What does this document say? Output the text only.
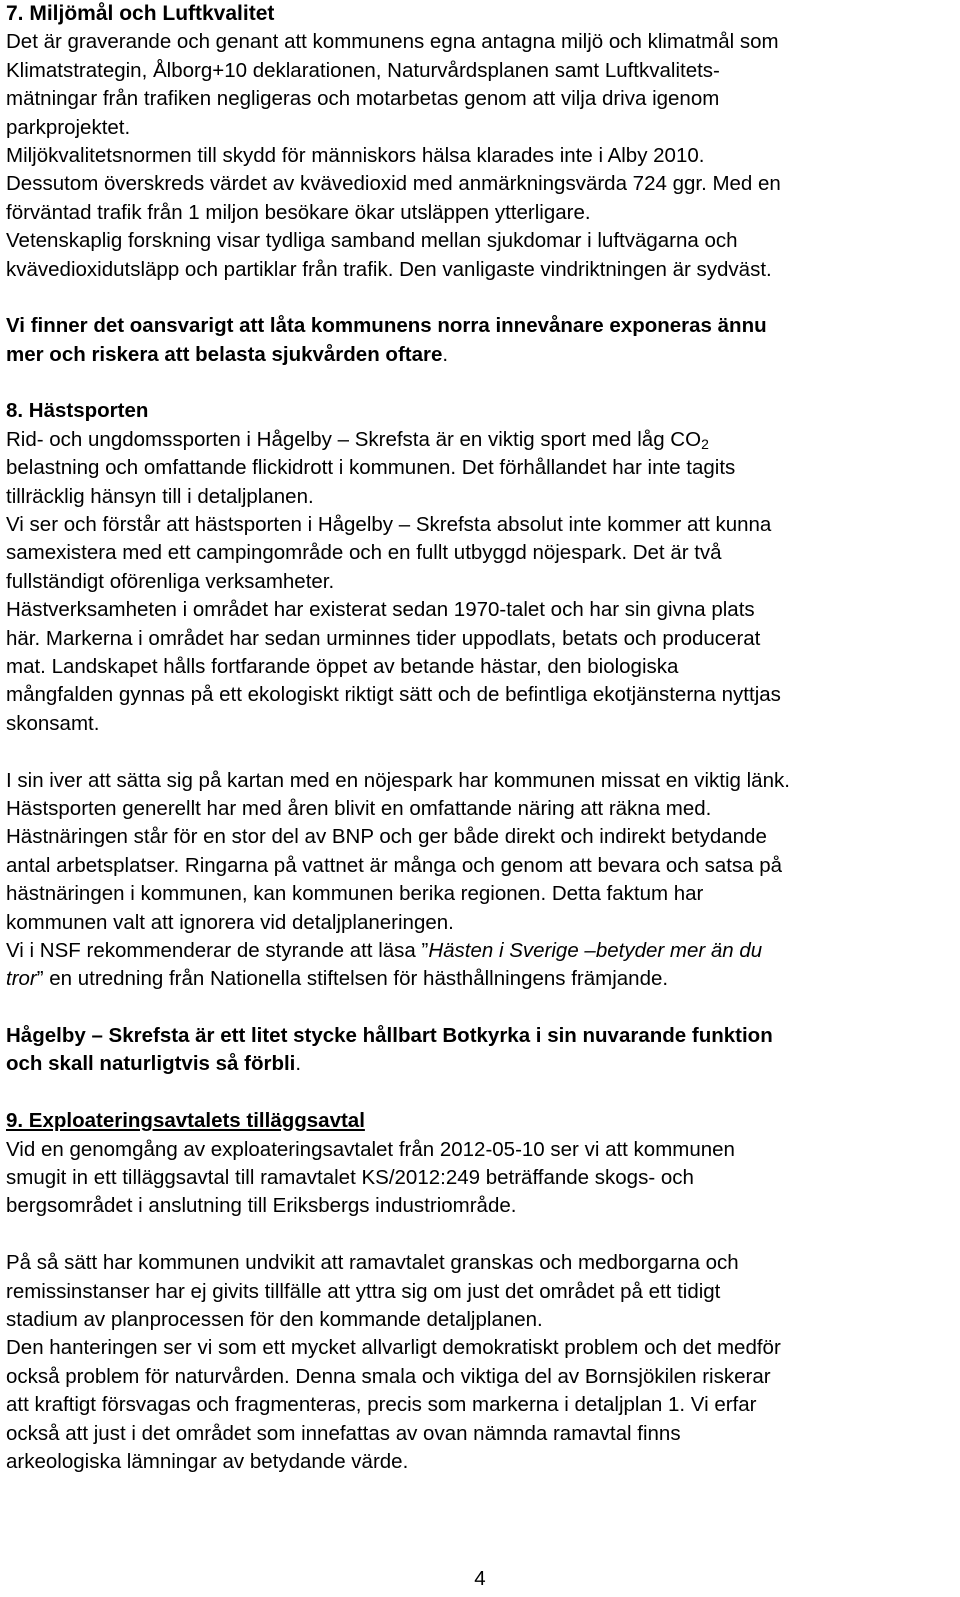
7. Miljömål och Luftkvalitet
Det är graverande och genant att kommunens egna antagna miljö och klimatmål som
Klimatstrategin, Ålborg+10 deklarationen, Naturvårdsplanen samt Luftkvalitets-
mätningar från trafiken negligeras och motarbetas genom att vilja driva igenom
parkprojektet.
Miljökvalitetsnormen till skydd för människors hälsa klarades inte i Alby 2010.
Dessutom överskreds värdet av kvävedioxid med anmärkningsvärda 724 ggr. Med en
förväntad trafik från 1 miljon besökare ökar utsläppen ytterligare.
Vetenskaplig forskning visar tydliga samband mellan sjukdomar i luftvägarna och
kvävedioxidutsläpp och partiklar från trafik. Den vanligaste vindriktningen är sydväst.
Vi finner det oansvarigt att låta kommunens norra innevånare exponeras ännu
mer och riskera att belasta sjukvården oftare.
8. Hästsporten
Rid- och ungdomssporten i Hågelby – Skrefsta är en viktig sport med låg $CO_2$
belastning och omfattande flickidrott i kommunen. Det förhållandet har inte tagits
tillräcklig hänsyn till i detaljplanen.
Vi ser och förstår att hästsporten i Hågelby – Skrefsta absolut inte kommer att kunna
samexistera med ett campingområde och en fullt utbyggd nöjespark. Det är två
fullständigt oförenliga verksamheter.
Hästverksamheten i området har existerat sedan 1970-talet och har sin givna plats
här. Markerna i området har sedan urminnes tider uppodlats, betats och producerat
mat. Landskapet hålls fortfarande öppet av betande hästar, den biologiska
mångfalden gynnas på ett ekologiskt riktigt sätt och de befintliga ekotjänsterna nyttjas
skonsamt.
I sin iver att sätta sig på kartan med en nöjespark har kommunen missat en viktig länk.
Hästsporten generellt har med åren blivit en omfattande näring att räkna med.
Hästnäringen står för en stor del av BNP och ger både direkt och indirekt betydande
antal arbetsplatser. Ringarna på vattnet är många och genom att bevara och satsa på
hästnäringen i kommunen, kan kommunen berika regionen. Detta faktum har
kommunen valt att ignorera vid detaljplaneringen.
Vi i NSF rekommenderar de styrande att läsa ”Hästen i Sverige –betyder mer än du
tror” en utredning från Nationella stiftelsen för hästhållningens främjande.
Hågelby – Skrefsta är ett litet stycke hållbart Botkyrka i sin nuvarande funktion
och skall naturligtvis så förbli.
9. Exploateringsavtalets tilläggsavtal
Vid en genomgång av exploateringsavtalet från 2012-05-10 ser vi att kommunen
smugit in ett tilläggsavtal till ramavtalet KS/2012:249 beträffande skogs- och
bergsområdet i anslutning till Eriksbergs industriområde.
På så sätt har kommunen undvikit att ramavtalet granskas och medborgarna och
remissinstanser har ej givits tillfälle att yttra sig om just det området på ett tidigt
stadium av planprocessen för den kommande detaljplanen.
Den hanteringen ser vi som ett mycket allvarligt demokratiskt problem och det medför
också problem för naturvården. Denna smala och viktiga del av Bornsjökilen riskerar
att kraftigt försvagas och fragmenteras, precis som markerna i detaljplan 1. Vi erfar
också att just i det området som innefattas av ovan nämnda ramavtal finns
arkeologiska lämningar av betydande värde.
4
